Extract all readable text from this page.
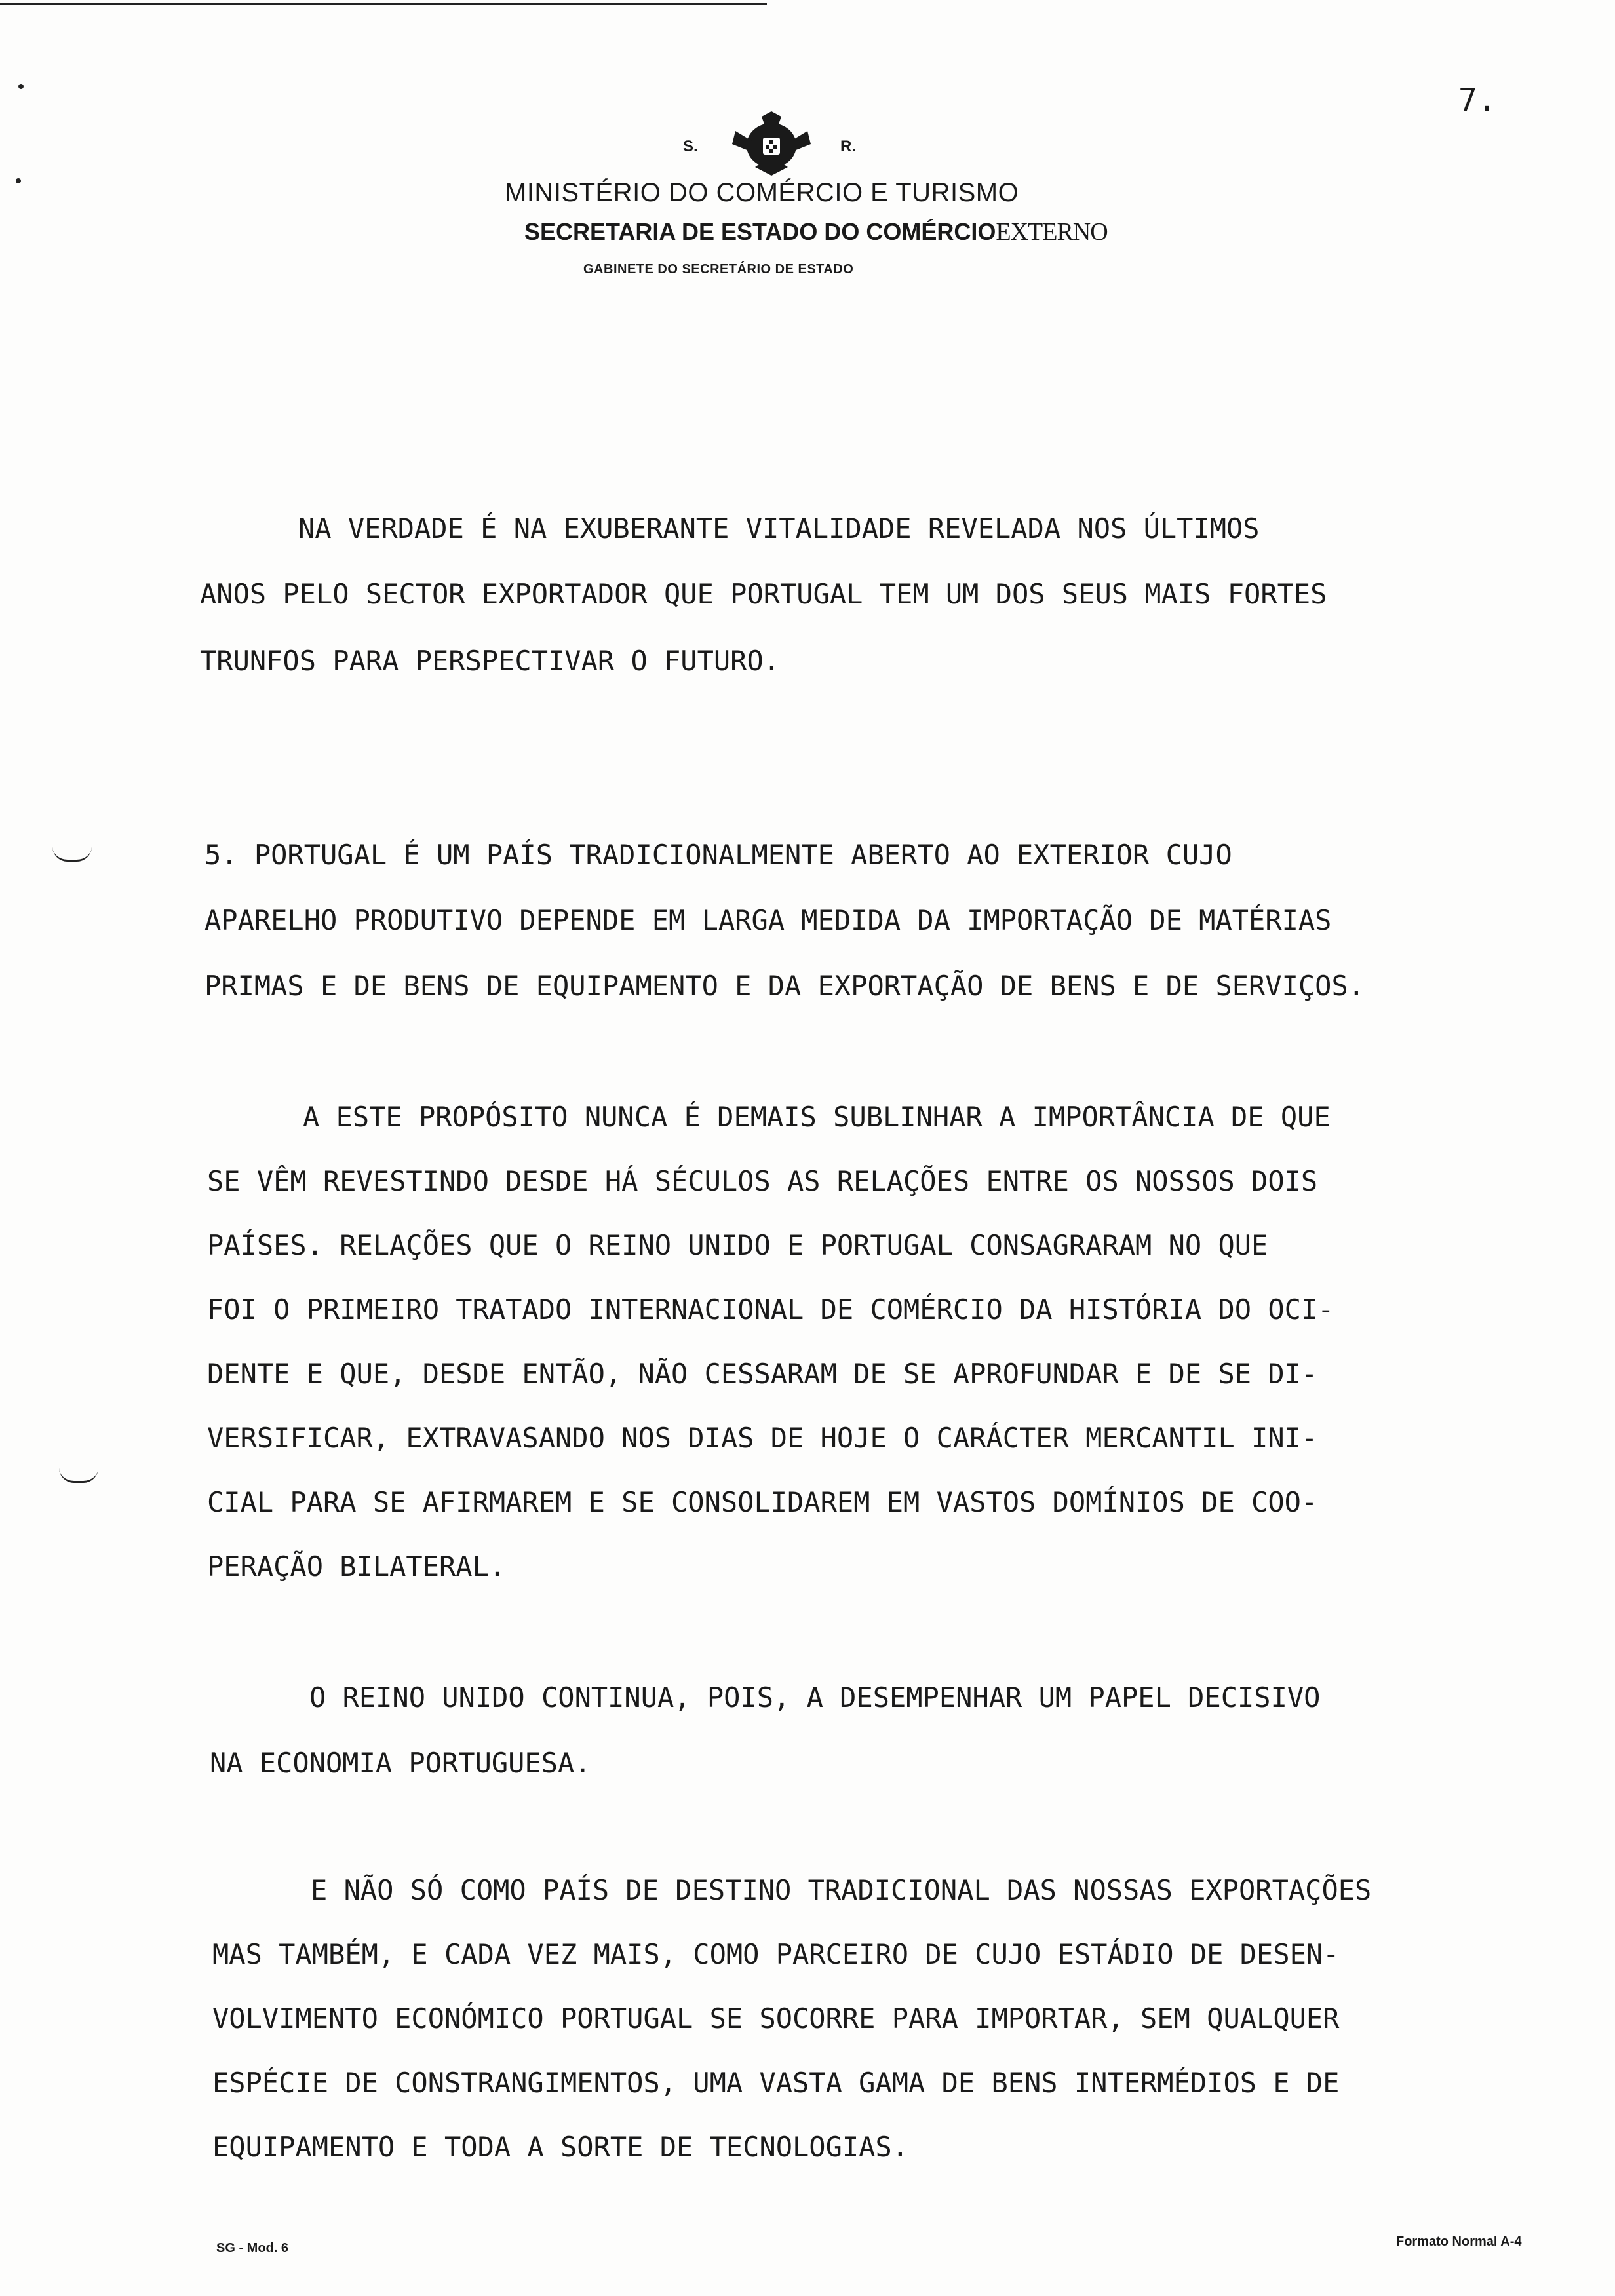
7.
S.	R.
MINISTÉRIO DO COMÉRCIO E TURISMO
SECRETARIA DE ESTADO DO COMÉRCIOEXTERNO
GABINETE DO SECRETÁRIO DE ESTADO
NA VERDADE É NA EXUBERANTE VITALIDADE REVELADA NOS ÚLTIMOS
ANOS PELO SECTOR EXPORTADOR QUE PORTUGAL TEM UM DOS SEUS MAIS FORTES
TRUNFOS PARA PERSPECTIVAR O FUTURO.
5. PORTUGAL É UM PAÍS TRADICIONALMENTE ABERTO AO EXTERIOR CUJO
APARELHO PRODUTIVO DEPENDE EM LARGA MEDIDA DA IMPORTAÇÃO DE MATÉRIAS
PRIMAS E DE BENS DE EQUIPAMENTO E DA EXPORTAÇÃO DE BENS E DE SERVIÇOS.
A ESTE PROPÓSITO NUNCA É DEMAIS SUBLINHAR A IMPORTÂNCIA DE QUE
SE VÊM REVESTINDO DESDE HÁ SÉCULOS AS RELAÇÕES ENTRE OS NOSSOS DOIS
PAÍSES. RELAÇÕES QUE O REINO UNIDO E PORTUGAL CONSAGRARAM NO QUE
FOI O PRIMEIRO TRATADO INTERNACIONAL DE COMÉRCIO DA HISTÓRIA DO OCI-
DENTE E QUE, DESDE ENTÃO, NÃO CESSARAM DE SE APROFUNDAR E DE SE DI-
VERSIFICAR, EXTRAVASANDO NOS DIAS DE HOJE O CARÁCTER MERCANTIL INI-
CIAL PARA SE AFIRMAREM E SE CONSOLIDAREM EM VASTOS DOMÍNIOS DE COO-
PERAÇÃO BILATERAL.
O REINO UNIDO CONTINUA, POIS, A DESEMPENHAR UM PAPEL DECISIVO
NA ECONOMIA PORTUGUESA.
E NÃO SÓ COMO PAÍS DE DESTINO TRADICIONAL DAS NOSSAS EXPORTAÇÕES
MAS TAMBÉM, E CADA VEZ MAIS, COMO PARCEIRO DE CUJO ESTÁDIO DE DESEN-
VOLVIMENTO ECONÓMICO PORTUGAL SE SOCORRE PARA IMPORTAR, SEM QUALQUER
ESPÉCIE DE CONSTRANGIMENTOS, UMA VASTA GAMA DE BENS INTERMÉDIOS E DE
EQUIPAMENTO E TODA A SORTE DE TECNOLOGIAS.
SG - Mod. 6	Formato Normal A-4
